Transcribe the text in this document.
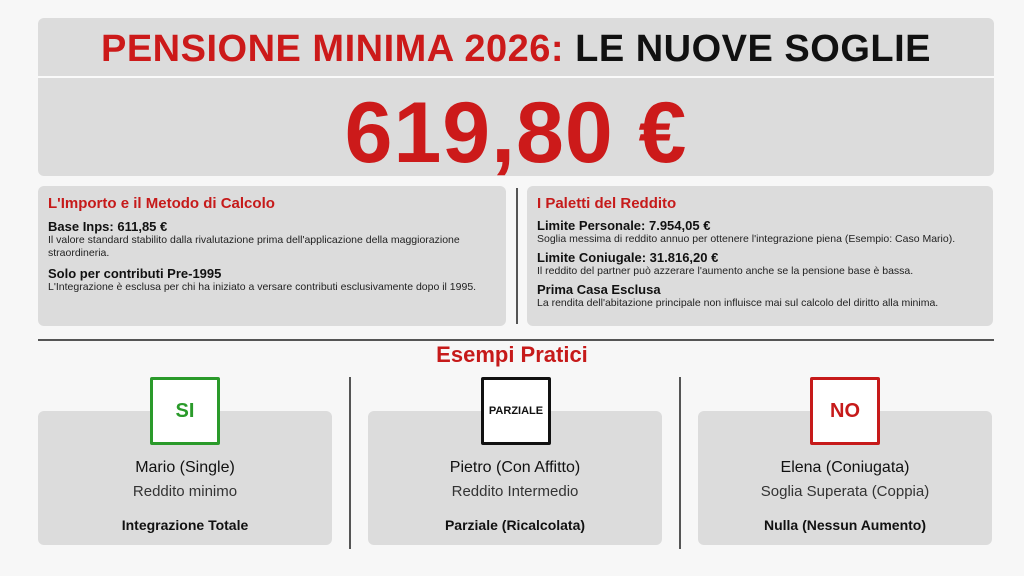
PENSIONE MINIMA 2026: LE NUOVE SOGLIE
619,80 €
L'Importo e il Metodo di Calcolo
Base Inps: 611,85 €
Il valore standard stabilito dalla rivalutazione prima dell'applicazione della maggiorazione straordineria.
Solo per contributi Pre-1995
L'Integrazione è esclusa per chi ha iniziato a versare contributi esclusivamente dopo il 1995.
I Paletti del Reddito
Limite Personale: 7.954,05 €
Soglia messima di reddito annuo per ottenere l'integrazione piena (Esempio: Caso Mario).
Limite Coniugale: 31.816,20 €
Il reddito del partner può azzerare l'aumento anche se la pensione base è bassa.
Prima Casa Esclusa
La rendita dell'abitazione principale non influisce mai sul calcolo del diritto alla minima.
Esempi Pratici
Mario (Single)
Reddito minimo
Integrazione Totale
Pietro (Con Affitto)
Reddito Intermedio
Parziale (Ricalcolata)
Elena (Coniugata)
Soglia Superata (Coppia)
Nulla (Nessun Aumento)
SI	PARZIALE	NO
